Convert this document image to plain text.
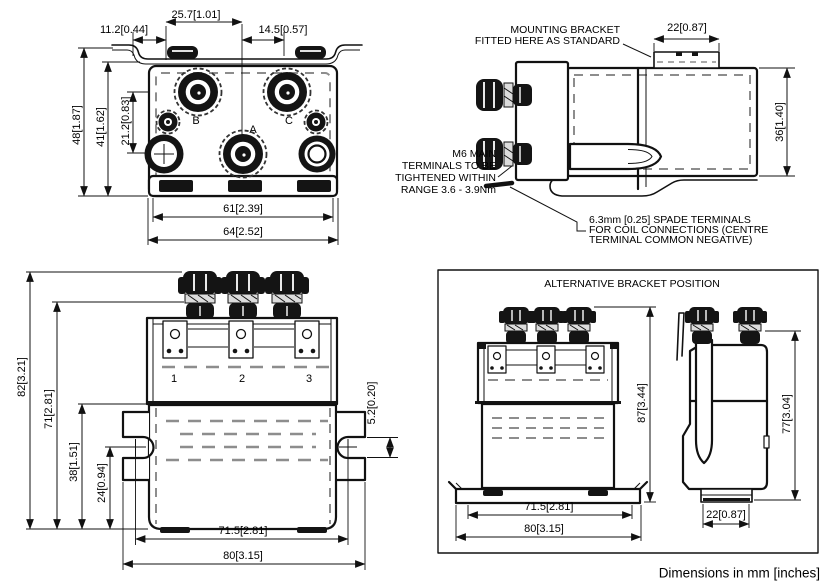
B	C
A
11.2[0.44]
25.7[1.01]
14.5[0.57]
48[1.87] 41[1.62] 21.2[0.83]
61[2.39]
64[2.52]
22[0.87]
36[1.40]
MOUNTING BRACKET
FITTED HERE AS STANDARD
M6 MAIN
TERMINALS TO BE
TIGHTENED WITHIN
RANGE 3.6 - 3.9Nm
6.3mm [0.25] SPADE TERMINALS
FOR COIL CONNECTIONS (CENTRE
TERMINAL COMMON NEGATIVE)
1	2	3
82[3.21]
71[2.81]
38[1.51]
24[0.94]
5.2[0.20]
71.5[2.81]
80[3.15]
ALTERNATIVE BRACKET POSITION
87[3.44]
71.5[2.81]
80[3.15]
77[3.04]
22[0.87]
Dimensions in mm [inches]
